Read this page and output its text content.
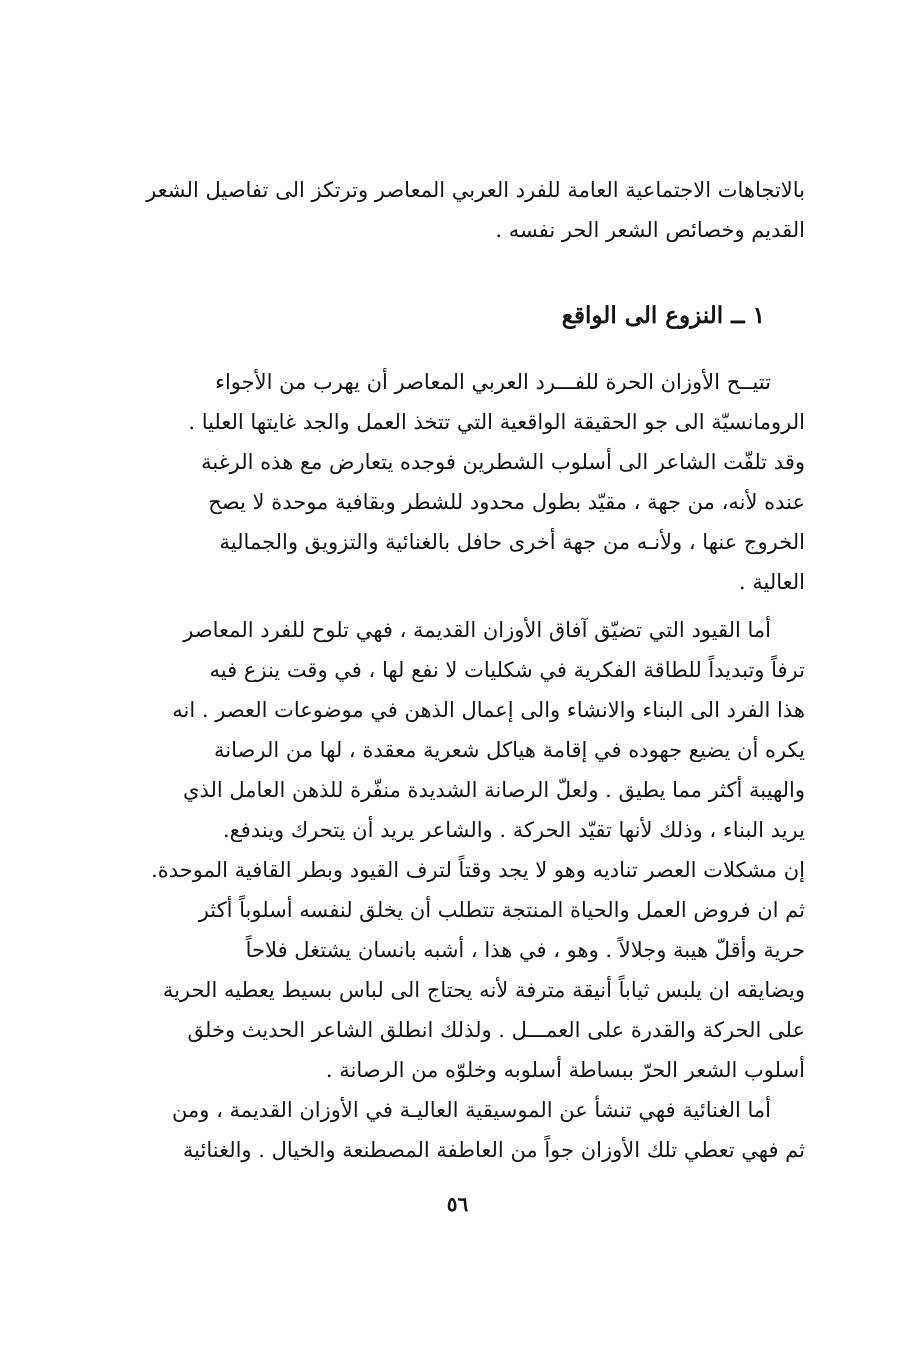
بالاتجاهات الاجتماعية العامة للفرد العربي المعاصر وترتكز الى تفاصيل الشعر

القديم وخصائص الشعر الحر نفسه .

١ ــ النزوع الى الواقع

تتيــح الأوزان الحرة للفـــرد العربي المعاصر أن يهرب من الأجواء

الرومانسيّة الى جو الحقيقة الواقعية التي تتخذ العمل والجد غايتها العليا .

وقد تلفّت الشاعر الى أسلوب الشطرين فوجده يتعارض مع هذه الرغبة

عنده لأنه، من جهة ، مقيّد بطول محدود للشطر وبقافية موحدة لا يصح

الخروج عنها ، ولأنـه من جهة أخرى حافل بالغنائية والتزويق والجمالية

العالية .

أما القيود التي تضيّق آفاق الأوزان القديمة ، فهي تلوح للفرد المعاصر

ترفاً وتبديداً للطاقة الفكرية في شكليات لا نفع لها ، في وقت ينزع فيه

هذا الفرد الى البناء والانشاء والى إعمال الذهن في موضوعات العصر . انه

يكره أن يضيع جهوده في إقامة هياكل شعرية معقدة ، لها من الرصانة

والهيبة أكثر مما يطيق . ولعلّ الرصانة الشديدة منفّرة للذهن العامل الذي

يريد البناء ، وذلك لأنها تقيّد الحركة . والشاعر يريد أن يتحرك ويندفع.

إن مشكلات العصر تناديه وهو لا يجد وقتاً لترف القيود وبطر القافية الموحدة.

ثم ان فروض العمل والحياة المنتجة تتطلب أن يخلق لنفسه أسلوباً أكثر

حرية وأقلّ هيبة وجلالاً . وهو ، في هذا ، أشبه بانسان يشتغل فلاحاً

ويضايقه ان يلبس ثياباً أنيقة مترفة لأنه يحتاج الى لباس بسيط يعطيه الحرية

على الحركة والقدرة على العمـــل . ولذلك انطلق الشاعر الحديث وخلق

أسلوب الشعر الحرّ ببساطة أسلوبه وخلوّه من الرصانة .

أما الغنائية فهي تنشأ عن الموسيقية العاليـة في الأوزان القديمة ، ومن

ثم فهي تعطي تلك الأوزان جواً من العاطفة المصطنعة والخيال . والغنائية

٥٦
